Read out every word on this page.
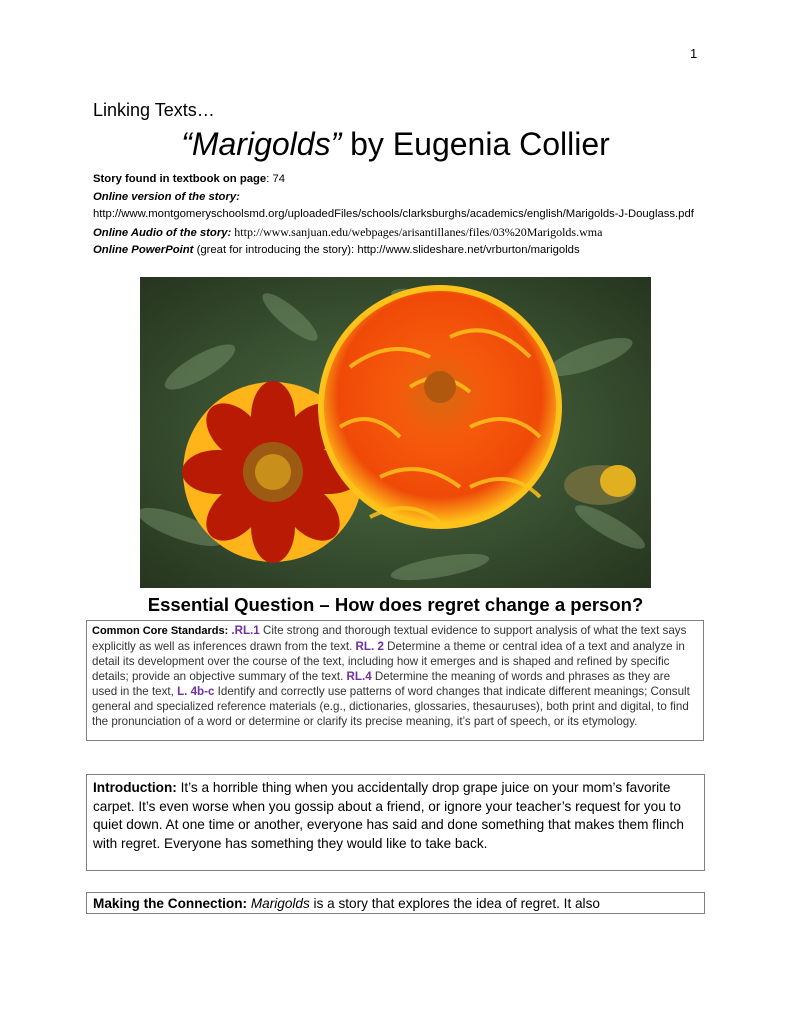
1
Linking Texts…
“Marigolds” by Eugenia Collier
Story found in textbook on page: 74
Online version of the story:
http://www.montgomeryschoolsmd.org/uploadedFiles/schools/clarksburghs/academics/english/Marigolds-J-Douglass.pdf
Online Audio of the story: http://www.sanjuan.edu/webpages/arisantillanes/files/03%20Marigolds.wma
Online PowerPoint (great for introducing the story): http://www.slideshare.net/vrburton/marigolds
Essential Question – How does regret change a person?
Common Core Standards: .RL.1 Cite strong and thorough textual evidence to support analysis of what the text says explicitly as well as inferences drawn from the text. RL. 2 Determine a theme or central idea of a text and analyze in detail its development over the course of the text, including how it emerges and is shaped and refined by specific details; provide an objective summary of the text. RL.4 Determine the meaning of words and phrases as they are used in the text, L. 4b-c Identify and correctly use patterns of word changes that indicate different meanings; Consult general and specialized reference materials (e.g., dictionaries, glossaries, thesauruses), both print and digital, to find the pronunciation of a word or determine or clarify its precise meaning, it’s part of speech, or its etymology.
Introduction: It’s a horrible thing when you accidentally drop grape juice on your mom’s favorite carpet. It’s even worse when you gossip about a friend, or ignore your teacher’s request for you to quiet down. At one time or another, everyone has said and done something that makes them flinch with regret. Everyone has something they would like to take back.
Making the Connection: Marigolds is a story that explores the idea of regret. It also
